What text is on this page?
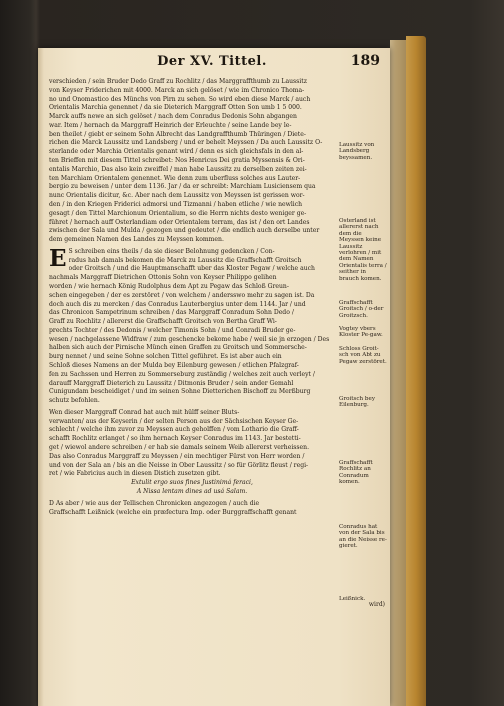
Der XV. Tittel.	189

verschieden / sein Bruder Dedo Graff zu Rochlitz / das Marggraffthumb zu Laussitz
von Keyser Friderichen mit 4000. Marck an sich gelöset / wie im Chronico Thoma-
no und Onomastico des Münchs von Pirn zu sehen. So wird eben diese Marck / auch
Orientalis Marchia genennet / da sie Dieterich Marggraff Otten Son umb 1 5 000.
Marck auffs newe an sich gelöset / nach dem Conradus Dedonis Sohn abgangen
war. Item / hernach da Marggraff Heinrich der Erleuchte / seine Lande bey le-
ben theilet / giebt er seinem Sohn Albrecht das Landgraffthumb Thüringen / Diete-
richen die Marck Laussitz und Landsberg / und er behelt Meyssen / Da auch Laussitz O-
sterlande oder Marchia Orientalis genant wird / denn es sich gleichsfals in den al-
ten Brieffen mit diesem Tittel schreibet: Nos Henricus Dei gratia Myssensis & Ori-
entalis Marchio, Das also kein zweiffel / man habe Laussitz zu derselben zeiten zei-
ten Marchiam Orientalem genennet. Wie denn zum uberfluss solches aus Lauter-
bergio zu beweisen / unter dem 1136. Jar / da er schreibt: Marchiam Lusiciensem qua
nunc Orientalis dicitur, &c. Aber nach dem Laussitz von Meyssen ist gerissen wor-
den / in den Kriegen Friderici admorsi und Tizmanni / haben etliche / wie newlich
gesagt / den Tittel Marchionum Orientalium, so die Herrn nichts desto weniger ge-
führet / hernach auff Osterlandiam oder Orientalem terram, das ist / den ort Landes
zwischen der Sala und Mulda / gezogen und gedeutet / die endlich auch derselbe unter
dem gemeinen Namen des Landes zu Meyssen kommen.

E S schreiben eins theils / da sie dieser Belohnung gedencken / Con-
radus hab damals bekomen die Marck zu Laussitz die Graffschafft Groitsch
oder Groitsch / und die Hauptmanschafft uber das Kloster Pegaw / welche auch
nachmals Marggraff Dietrichen Ottonis Sohn von Keyser Philippo gelihen
worden / wie hernach König Rudolphus dem Apt zu Pegaw das Schloß Greun-
schen eingegeben / der es zerstöret / von welchem / andersswo mehr zu sagen ist. Da
doch auch dis zu mercken / das Conradus Lauterbergius unter dem 1144. Jar / und
das Chronicon Sampetrinum schreiben / das Marggraff Conradum Sohn Dedo /
Graff zu Rochlitz / allererst die Graffschafft Groitsch von Bertha Graff Wi-
prechts Tochter / des Dedonis / welcher Timonis Sohn / und Conradi Bruder ge-
wesen / nachgelassene Widfraw / zum geschencke bekome habe / weil sie jn erzogen / Des
halben sich auch der Pirnische Münch einen Graffen zu Groitsch und Sommersche-
burg nennet / und seine Sohne solchen Tittel geführet. Es ist aber auch ein
Schloß dieses Namens an der Mulda bey Eilenburg gewesen / etlichen Pfalzgraf-
fen zu Sachssen und Herren zu Sommerseburg zuständig / welches zeit auch verleyt /
darauff Marggraff Dieterich zu Laussitz / Ditmonis Bruder / sein ander Gemahl
Cunigundam bescheidiget / und im seinen Sohne Dietterichen Bischoff zu Merßburg
schutz befohlen.

Wen dieser Marggraff Conrad hat auch mit hülff seiner Bluts-
verwanten/ aus der Keyserin / der selten Person aus der Sächsischen Keyser Ge-
schlecht / welche ihm zuvor zu Meyssen auch geholffen / vom Lothario die Graff-
schafft Rochlitz erlanget / so ihm hernach Keyser Conradus im 1143. Jar bestetti-
get / wiewol andere schreiben / er hab sie damals seinem Weib allererst verheissen.
Das also Conradus Marggraff zu Meyssen / ein mechtiger Fürst von Herr worden /
und von der Sala an / bis an die Neisse in Ober Laussitz / so für Görlitz fleust / regi-
ret / wie Fabricius auch in diesen Distich zusetzen gibt.

Extulit ergo suos fines Justinimá feraci,
A Nissa lentam dines ad usá Salam.

D As aber / wie aus der Tellischen Chronicken angezogen / auch die
Graffschafft Leißnick (welche ein præfectura Imp. oder Burggraffschafft genant

Laussitz von Landsberg beyssamen.
Osterland ist allererst nach dem die Meyssen keine Laussitz verlohren / mit dem Namen Orientalis terra / seither in brauch komen.
Graffschafft Groitsch / o-der Groitzsch.
Vogtey vbers Kloster Pe-gaw.
Schloss Groit-sch von Abt zu Pegaw zerstöret.
Groitsch bey Eilenburg.
Graffschafft Rochlitz an Conradum komen.
Conradus hat von der Sala bis an die Neisse re-gieret.
Leißnick.
wird)
